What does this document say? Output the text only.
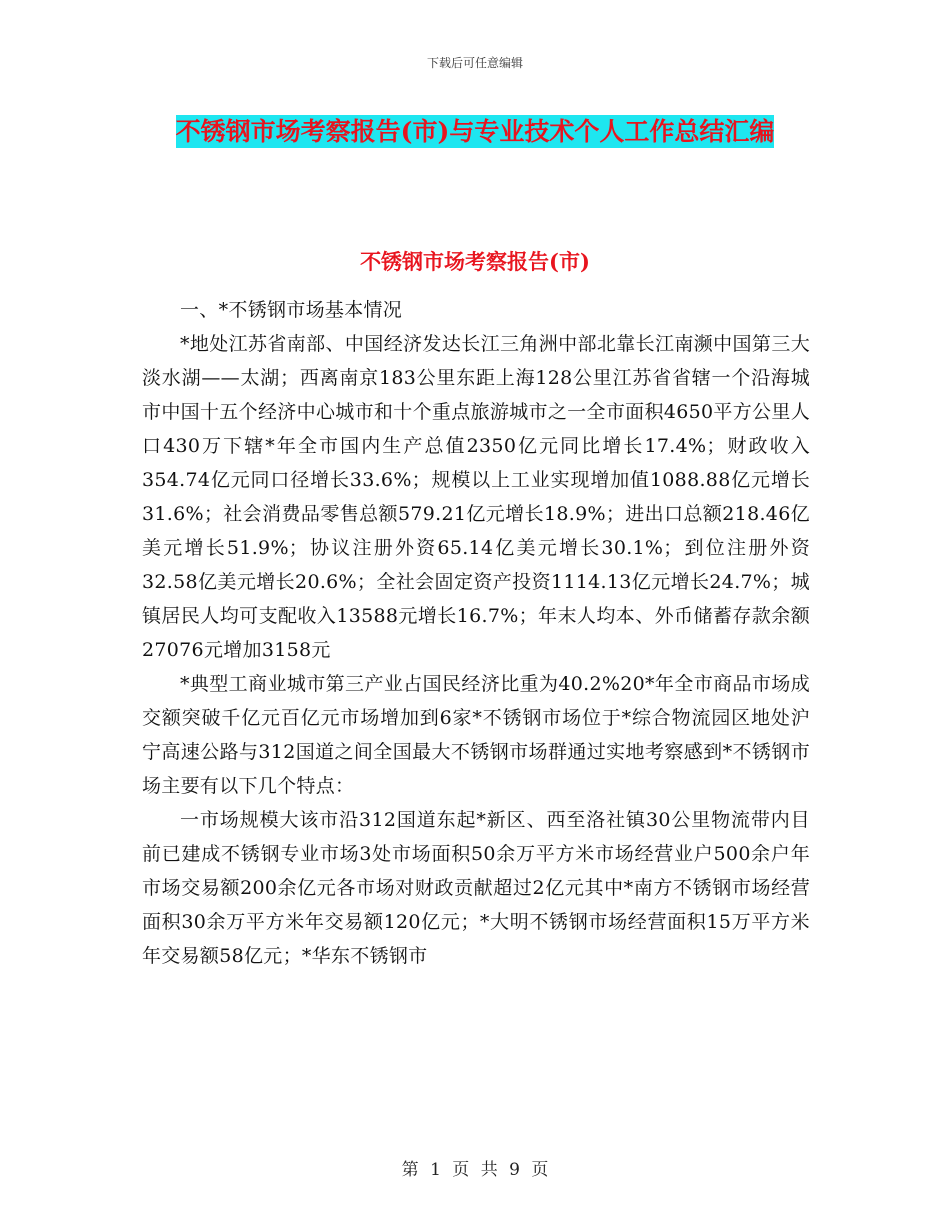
下载后可任意编辑
不锈钢市场考察报告(市)与专业技术个人工作总结汇编
不锈钢市场考察报告(市)

一、*不锈钢市场基本情况

*地处江苏省南部、中国经济发达长江三角洲中部北靠长江南濒中国第三大淡水湖——太湖；西离南京183公里东距上海128公里江苏省省辖一个沿海城市中国十五个经济中心城市和十个重点旅游城市之一全市面积4650平方公里人口430万下辖*年全市国内生产总值2350亿元同比增长17.4%；财政收入354.74亿元同口径增长33.6%；规模以上工业实现增加值1088.88亿元增长31.6%；社会消费品零售总额579.21亿元增长18.9%；进出口总额218.46亿美元增长51.9%；协议注册外资65.14亿美元增长30.1%；到位注册外资32.58亿美元增长20.6%；全社会固定资产投资1114.13亿元增长24.7%；城镇居民人均可支配收入13588元增长16.7%；年末人均本、外币储蓄存款余额27076元增加3158元

*典型工商业城市第三产业占国民经济比重为40.2%20*年全市商品市场成交额突破千亿元百亿元市场增加到6家*不锈钢市场位于*综合物流园区地处沪宁高速公路与312国道之间全国最大不锈钢市场群通过实地考察感到*不锈钢市场主要有以下几个特点：

一市场规模大该市沿312国道东起*新区、西至洛社镇30公里物流带内目前已建成不锈钢专业市场3处市场面积50余万平方米市场经营业户500余户年市场交易额200余亿元各市场对财政贡献超过2亿元其中*南方不锈钢市场经营面积30余万平方米年交易额120亿元；*大明不锈钢市场经营面积15万平方米年交易额58亿元；*华东不锈钢市

第 1 页 共 9 页
